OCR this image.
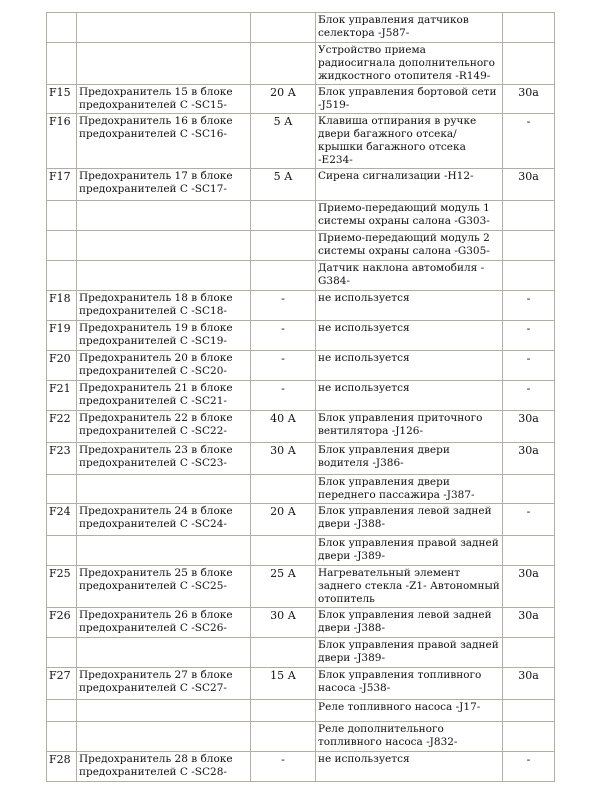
			Блок управления датчиков селектора -J587-	

			Устройство приема радиосигнала дополнительного жидкостного отопителя -R149-	

F15	Предохранитель 15 в блоке предохранителей С -SC15-	20 А	Блок управления бортовой сети -J519-	30а
F16	Предохранитель 16 в блоке предохранителей С -SC16-	5 А	Клавиша отпирания в ручке двери багажного отсека/крышки багажного отсека -Е234-	-
F17	Предохранитель 17 в блоке предохранителей С -SC17-	5 А	Сирена сигнализации -H12-	30а

			Приемо-передающий модуль 1 системы охраны салона -G303-	

			Приемо-передающий модуль 2 системы охраны салона -G305-	

			Датчик наклона автомобиля -G384-	

F18	Предохранитель 18 в блоке предохранителей С -SC18-	-	не используется	-
F19	Предохранитель 19 в блоке предохранителей С -SC19-	-	не используется	-
F20	Предохранитель 20 в блоке предохранителей С -SC20-	-	не используется	-
F21	Предохранитель 21 в блоке предохранителей С -SC21-	-	не используется	-
F22	Предохранитель 22 в блоке предохранителей С -SC22-	40 А	Блок управления приточного вентилятора -J126-	30а
F23	Предохранитель 23 в блоке предохранителей С -SC23-	30 А	Блок управления двери водителя -J386-	30а

			Блок управления двери переднего пассажира -J387-	

F24	Предохранитель 24 в блоке предохранителей С -SC24-	20 А	Блок управления левой задней двери -J388-	-

			Блок управления правой задней двери -J389-	

F25	Предохранитель 25 в блоке предохранителей С -SC25-	25 А	Нагревательный элемент заднего стекла -Z1- Автономный отопитель	30а
F26	Предохранитель 26 в блоке предохранителей С -SC26-	30 А	Блок управления левой задней двери -J388-	30а

			Блок управления правой задней двери -J389-	

F27	Предохранитель 27 в блоке предохранителей С -SC27-	15 А	Блок управления топливного насоса -J538-	30а

			Реле топливного насоса -J17-	

			Реле дополнительного топливного насоса -J832-	

F28	Предохранитель 28 в блоке предохранителей С -SC28-	-	не используется	-
